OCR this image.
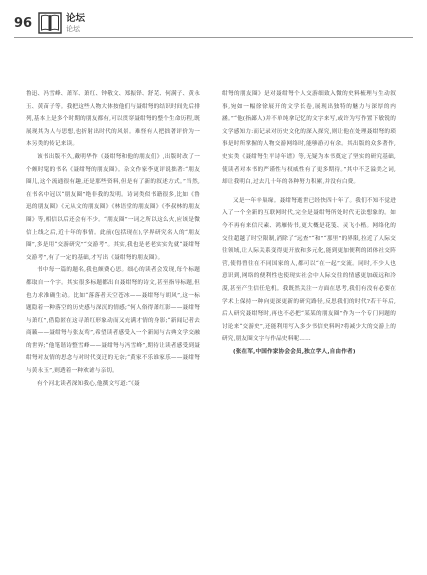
96	论坛
论坛

鲁迅、冯雪峰、萧军、萧红、钟敬文、郑振铎、舒芜、何满子、黄永玉、黄苗子等。我把这些人物大体按他们与聂绀弩的结识时间先后排列,基本上是多个时期的朋友都有,可以贯穿聂绀弩的整个生命历程,既展现其为人与思想,也折射出时代的风景。难怪有人把拙著评价为一本另类的传记来读。

该书出版不久,戴明华作《聂绀弩和他的朋友们》,出版时改了一个颇时髦的书名《聂绀弩的朋友圈》。杂文作家李更评说拙著:“朋友圈儿,这个流通很有趣,还是那些资料,但是有了新的叙述方式。”当然,在书名中冠以“朋友圈”绝非我的发明。诗词类似书籍很多,比如《鲁迅的朋友圈》《元从文的朋友圈》《林语堂的朋友圈》《李叔林的朋友圈》等,相信以后还会有不少。“朋友圈”一词之所以这么火,应该是微信上线之后,近十年的事情。此前(包括现在),学界研究名人的“朋友圈”,多是用“交游研究”“交游考”。其实,我也是老老实实先就“聂绀弩交游考”,有了一定的基础,才写出《聂绀弩的朋友圈》。

书中每一篇的题名,我也颇费心思。细心的读者会发现,每个标题都取自一个字。其实很多标题都出自聂绀弩的诗文,甚至指导标题,但也力求准确生动。比如“落落者天空苍冰——聂绀弩与胡风”,这一标题隐着一种落空的历史感与深沉的情感;“何人俗得萧红影——聂绀弩与萧红”,借隐匿在这寻萧红形象动而又充满才情的身影;“新闻记者去商籁——聂绀弩与张友鸾”,希望读者感受入一个新闻与古典文学交融的世界;“他笔谐诗整雪峰——聂绀弩与冯雪峰”,期待让读者感受到聂绀弩对友情的思念与对时代变迁的无奈;“黄家不乐谁家乐——聂绀弩与黄永玉”,则透着一种欢谑与亲切。

有个河北读者深知我心,他撰文写道:“《聂

绀弩的朋友圈》是对聂绀弩个人交游细致入微的史料梳理与生动叙事,宛如一幅徐徐展开的文学长卷,展现出独特的魅力与深厚的内涵。”“他(指鄙人)并不单纯拿记忆的文字来写,或许为写作置下敏锐的文学感知力:而记录对历史文化的深入探究,则让他在处理聂绀弩的琐事是时所掌握的人物交游网络时,能够游刃有余。其出版的众多著作,史实类《聂绀弩生平诗年谱》等,无疑为本书奠定了坚实的研究基础,使读者对本书的严谨性与权威性有了更多期待。”其中不乏溢美之词,却让我明白,过去几十年的各种努力积累,并没有白费。

又是一年辛巢缘。聂绀弩逝世已经快四十年了。我们不知不觉进入了一个全新的互联网时代,完全是聂绀弩所处时代无法想象的。如今不再有来信尺素、鸿雁传书,更大概是花笺、灵飞小楷。网络化的交往超越了时空限制,消除了“远查”“和”“那里”的界限,拉近了人际交往领域,让人际关系变得更开放和多元化,能到更加便利的团体社交阵营,使得曾往在不同国家的人,都可以“在一起”交流。同时,不少人也意识到,网络的便利性也使现实社会中人际交往的情感更加疏远和冷漠,甚至产生信任危机。我既然关注一方面在思考,我们有没有必要在学术上保持一种向更深更新的研究路径,反思我们的时代?若干年后,后人研究聂绀弩时,再也不必把“某某的朋友圈”作为一个专门问题的讨论来“交游史”,还能利用写入多少书信史料吗?将减少大的交游上的研究,朋友圈文字与作品史料呢……

(张在军,中国作家协会会员,独立学人,自由作者)
